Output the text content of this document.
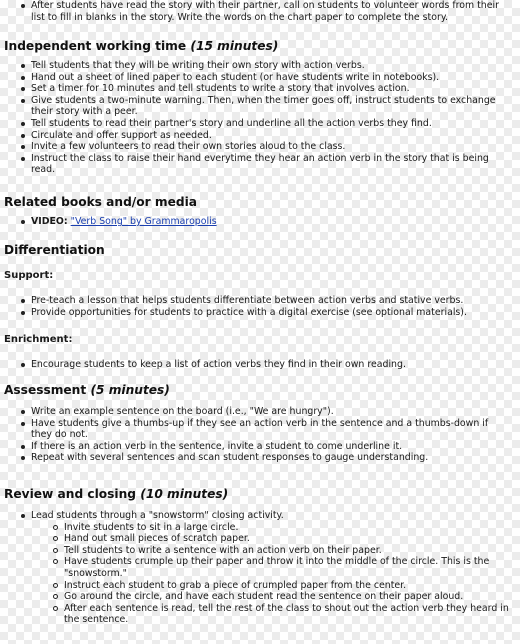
After students have read the story with their partner, call on students to volunteer words from their list to fill in blanks in the story. Write the words on the chart paper to complete the story.
Independent working time (15 minutes)
Tell students that they will be writing their own story with action verbs.
Hand out a sheet of lined paper to each student (or have students write in notebooks).
Set a timer for 10 minutes and tell students to write a story that involves action.
Give students a two-minute warning. Then, when the timer goes off, instruct students to exchange their story with a peer.
Tell students to read their partner's story and underline all the action verbs they find.
Circulate and offer support as needed.
Invite a few volunteers to read their own stories aloud to the class.
Instruct the class to raise their hand everytime they hear an action verb in the story that is being read.
Related books and/or media
VIDEO: "Verb Song" by Grammaropolis
Differentiation
Support:
Pre-teach a lesson that helps students differentiate between action verbs and stative verbs.
Provide opportunities for students to practice with a digital exercise (see optional materials).
Enrichment:
Encourage students to keep a list of action verbs they find in their own reading.
Assessment (5 minutes)
Write an example sentence on the board (i.e., "We are hungry").
Have students give a thumbs-up if they see an action verb in the sentence and a thumbs-down if they do not.
If there is an action verb in the sentence, invite a student to come underline it.
Repeat with several sentences and scan student responses to gauge understanding.
Review and closing (10 minutes)
Lead students through a "snowstorm" closing activity.
Invite students to sit in a large circle.
Hand out small pieces of scratch paper.
Tell students to write a sentence with an action verb on their paper.
Have students crumple up their paper and throw it into the middle of the circle. This is the "snowstorm."
Instruct each student to grab a piece of crumpled paper from the center.
Go around the circle, and have each student read the sentence on their paper aloud.
After each sentence is read, tell the rest of the class to shout out the action verb they heard in the sentence.
